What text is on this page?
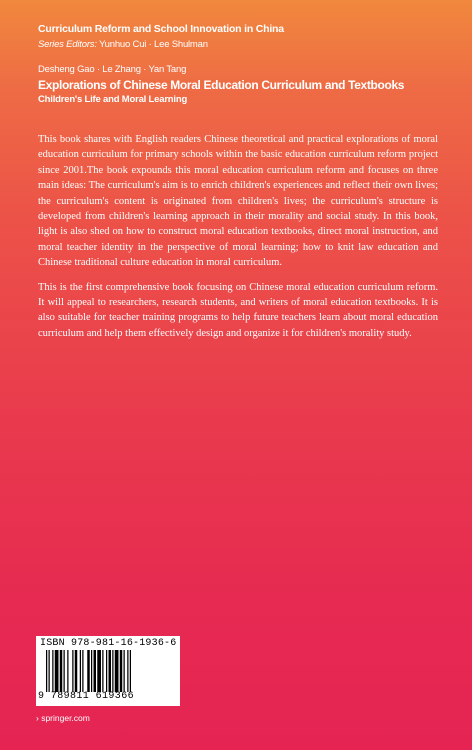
Curriculum Reform and School Innovation in China
Series Editors: Yunhuo Cui · Lee Shulman
Desheng Gao · Le Zhang · Yan Tang
Explorations of Chinese Moral Education Curriculum and Textbooks
Children's Life and Moral Learning

This book shares with English readers Chinese theoretical and practical explorations of moral education curriculum for primary schools within the basic education curriculum reform project since 2001.The book expounds this moral education curriculum reform and focuses on three main ideas: The curriculum's aim is to enrich children's experiences and reflect their own lives; the curriculum's content is originated from children's lives; the curriculum's structure is developed from children's learning approach in their morality and social study. In this book, light is also shed on how to construct moral education textbooks, direct moral instruction, and moral teacher identity in the perspective of moral learning; how to knit law education and Chinese traditional culture education in moral curriculum.

This is the first comprehensive book focusing on Chinese moral education curriculum reform. It will appeal to researchers, research students, and writers of moral education textbooks. It is also suitable for teacher training programs to help future teachers learn about moral education curriculum and help them effectively design and organize it for children's morality study.

ISBN 978-981-16-1936-6
9 789811 619366
› springer.com
